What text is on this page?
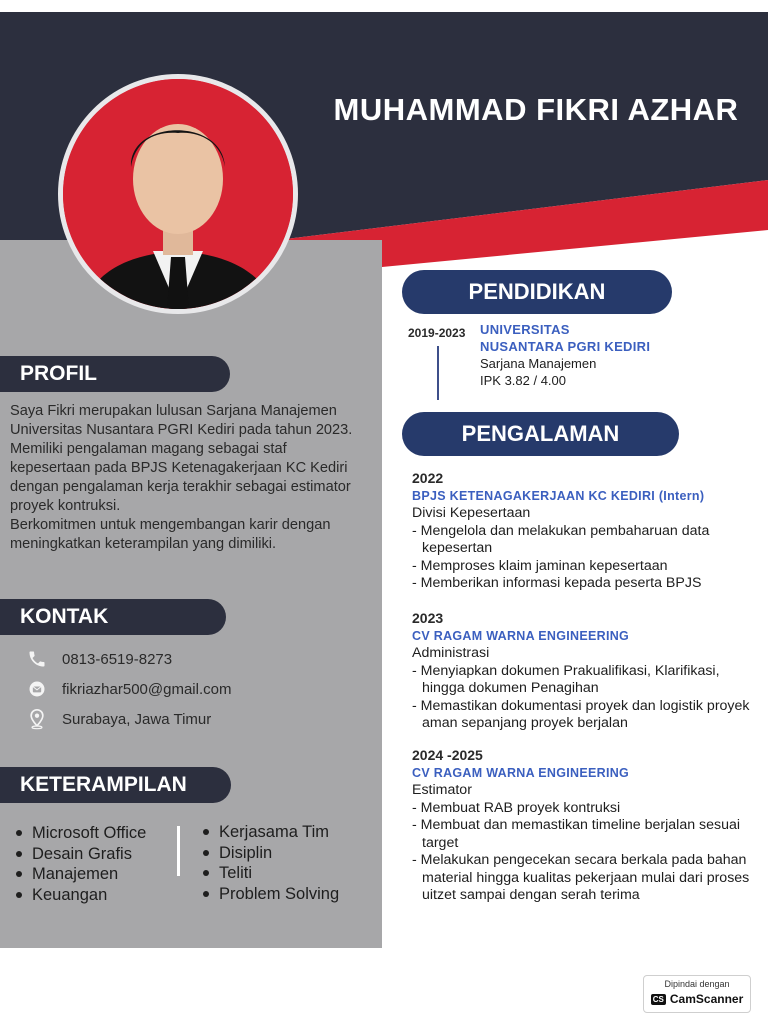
MUHAMMAD FIKRI AZHAR
PROFIL

Saya Fikri merupakan lulusan Sarjana Manajemen Universitas Nusantara PGRI Kediri pada tahun 2023. Memiliki pengalaman magang sebagai staf kepesertaan pada BPJS Ketenagakerjaan KC Kediri dengan pengalaman kerja terakhir sebagai estimator proyek kontruksi.

Berkomitmen untuk mengembangan karir dengan meningkatkan keterampilan yang dimiliki.

KONTAK
0813-6519-8273
fikriazhar500@gmail.com
Surabaya, Jawa Timur
KETERAMPILAN
Microsoft Office
Desain Grafis
Manajemen
Keuangan
Kerjasama Tim
Disiplin
Teliti
Problem Solving
PENDIDIKAN
2019-2023 UNIVERSITAS
NUSANTARA PGRI KEDIRI
Sarjana Manajemen
IPK 3.82 / 4.00
PENGALAMAN
2022
BPJS KETENAGAKERJAAN KC KEDIRI (Intern)
Divisi Kepesertaan
- Mengelola dan melakukan pembaharuan data kepesertan
- Memproses klaim jaminan kepesertaan
- Memberikan informasi kepada peserta BPJS
2023
CV RAGAM WARNA ENGINEERING
Administrasi
- Menyiapkan dokumen Prakualifikasi, Klarifikasi, hingga dokumen Penagihan
- Memastikan dokumentasi proyek dan logistik proyek aman sepanjang proyek berjalan
2024 -2025
CV RAGAM WARNA ENGINEERING
Estimator
- Membuat RAB proyek kontruksi
- Membuat dan memastikan timeline berjalan sesuai target
- Melakukan pengecekan secara berkala pada bahan material hingga kualitas pekerjaan mulai dari proses uitzet sampai dengan serah terima
Dipindai dengan
CS CamScanner
